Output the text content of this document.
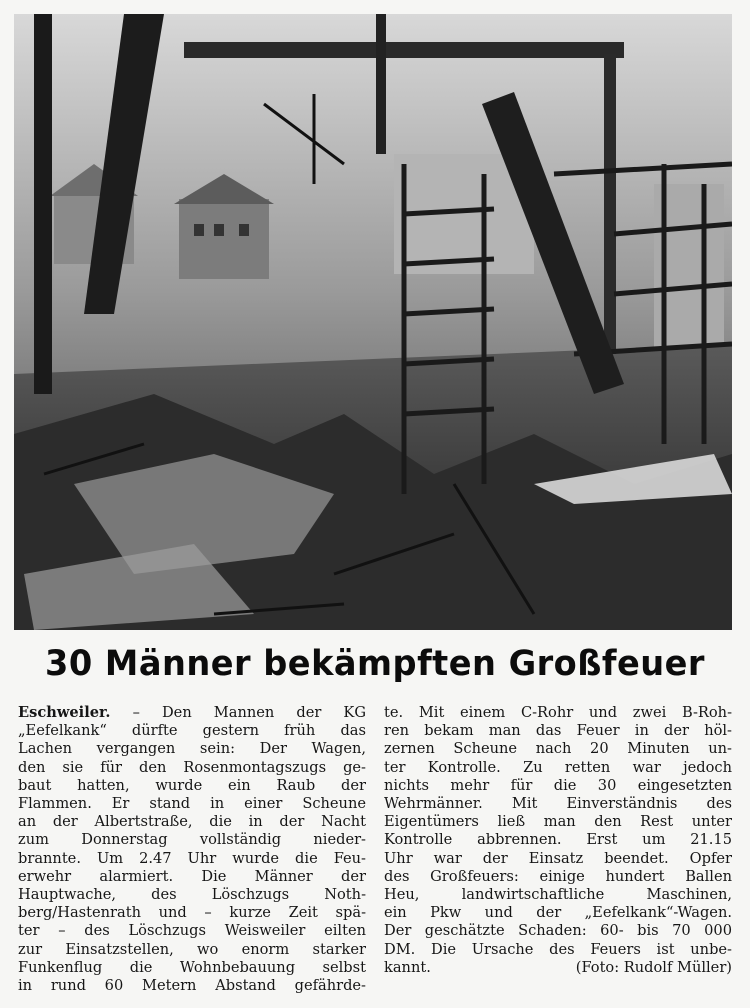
30 Männer bekämpften Großfeuer
Eschweiler. – Den Mannen der KG
„Eefelkank“ dürfte gestern früh das
Lachen vergangen sein: Der Wagen,
den sie für den Rosenmontagszugs ge-
baut hatten, wurde ein Raub der
Flammen. Er stand in einer Scheune
an der Albertstraße, die in der Nacht
zum Donnerstag vollständig nieder-
brannte. Um 2.47 Uhr wurde die Feu-
erwehr alarmiert. Die Männer der
Hauptwache, des Löschzugs Noth-
berg/Hastenrath und – kurze Zeit spä-
ter – des Löschzugs Weisweiler eilten
zur Einsatzstellen, wo enorm starker
Funkenflug die Wohnbebauung selbst
in rund 60 Metern Abstand gefährde-
te. Mit einem C-Rohr und zwei B-Roh-
ren bekam man das Feuer in der höl-
zernen Scheune nach 20 Minuten un-
ter Kontrolle. Zu retten war jedoch
nichts mehr für die 30 eingesetzten
Wehrmänner. Mit Einverständnis des
Eigentümers ließ man den Rest unter
Kontrolle abbrennen. Erst um 21.15
Uhr war der Einsatz beendet. Opfer
des Großfeuers: einige hundert Ballen
Heu, landwirtschaftliche Maschinen,
ein Pkw und der „Eefelkank“-Wagen.
Der geschätzte Schaden: 60- bis 70 000
DM. Die Ursache des Feuers ist unbe-
kannt.	(Foto: Rudolf Müller)
